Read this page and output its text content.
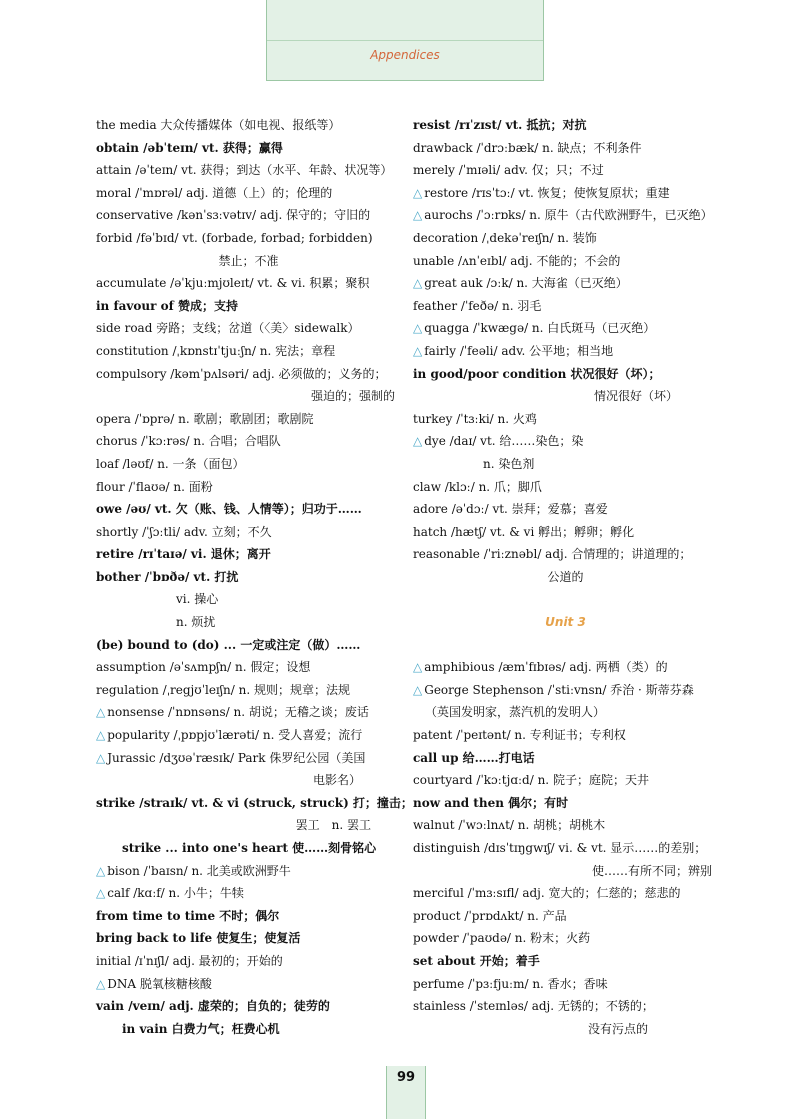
Appendices
the media 大众传播媒体（如电视、报纸等）
obtain /əbˈteɪn/ vt. 获得；赢得
attain /əˈteɪn/ vt. 获得；到达（水平、年龄、状况等）
moral /ˈmɒrəl/ adj. 道德（上）的；伦理的
conservative /kənˈsɜːvətɪv/ adj. 保守的；守旧的
forbid /fəˈbɪd/ vt. (forbade, forbad; forbidden)
禁止；不准
accumulate /əˈkjuːmjʊleɪt/ vt. & vi. 积累；聚积
in favour of 赞成；支持
side road 旁路；支线；岔道（〈美〉sidewalk）
constitution /ˌkɒnstɪˈtjuːʃn/ n. 宪法；章程
compulsory /kəmˈpʌlsəri/ adj. 必须做的；义务的；
强迫的；强制的
opera /ˈɒprə/ n. 歌剧；歌剧团；歌剧院
chorus /ˈkɔːrəs/ n. 合唱；合唱队
loaf /ləʊf/ n. 一条（面包）
flour /ˈflaʊə/ n. 面粉
owe /əʊ/ vt. 欠（账、钱、人情等）；归功于……
shortly /ˈʃɔːtli/ adv. 立刻；不久
retire /rɪˈtaɪə/ vi. 退休；离开
bother /ˈbɒðə/ vt. 打扰
vi. 操心
n. 烦扰
(be) bound to (do) ... 一定或注定（做）……
assumption /əˈsʌmpʃn/ n. 假定；设想
regulation /ˌregjʊˈleɪʃn/ n. 规则；规章；法规
△ nonsense /ˈnɒnsəns/ n. 胡说；无稽之谈；废话
△ popularity /ˌpɒpjʊˈlærəti/ n. 受人喜爱；流行
△ Jurassic /dʒʊəˈræsɪk/ Park 侏罗纪公园（美国
电影名）
strike /straɪk/ vt. & vi (struck, struck) 打；撞击；
罢工　n. 罢工
strike ... into one's heart 使……刻骨铭心
△ bison /ˈbaɪsn/ n. 北美或欧洲野牛
△ calf /kɑːf/ n. 小牛；牛犊
from time to time 不时；偶尔
bring back to life 使复生；使复活
initial /ɪˈnɪʃl/ adj. 最初的；开始的
△ DNA 脱氧核糖核酸
vain /veɪn/ adj. 虚荣的；自负的；徒劳的
in vain 白费力气；枉费心机
resist /rɪˈzɪst/ vt. 抵抗；对抗
drawback /ˈdrɔːbæk/ n. 缺点；不利条件
merely /ˈmɪəli/ adv. 仅；只；不过
△ restore /rɪsˈtɔː/ vt. 恢复；使恢复原状；重建
△ aurochs /ˈɔːrɒks/ n. 原牛（古代欧洲野牛，已灭绝）
decoration /ˌdekəˈreɪʃn/ n. 装饰
unable /ʌnˈeɪbl/ adj. 不能的；不会的
△ great auk /ɔːk/ n. 大海雀（已灭绝）
feather /ˈfeðə/ n. 羽毛
△ quagga /ˈkwægə/ n. 白氏斑马（已灭绝）
△ fairly /ˈfeəli/ adv. 公平地；相当地
in good/poor condition 状况很好（坏）；
情况很好（坏）
turkey /ˈtɜːki/ n. 火鸡
△ dye /daɪ/ vt. 给……染色；染
n. 染色剂
claw /klɔː/ n. 爪；脚爪
adore /əˈdɔː/ vt. 崇拜；爱慕；喜爱
hatch /hætʃ/ vt. & vi 孵出；孵卵；孵化
reasonable /ˈriːznəbl/ adj. 合情理的；讲道理的；
公道的
Unit 3
△ amphibious /æmˈfɪbɪəs/ adj. 两栖（类）的
△ George Stephenson /ˈstiːvnsn/ 乔治 · 斯蒂芬森
（英国发明家，蒸汽机的发明人）
patent /ˈpeɪtənt/ n. 专利证书；专利权
call up 给……打电话
courtyard /ˈkɔːtjɑːd/ n. 院子；庭院；天井
now and then 偶尔；有时
walnut /ˈwɔːlnʌt/ n. 胡桃；胡桃木
distinguish /dɪsˈtɪŋgwɪʃ/ vi. & vt. 显示……的差别；
使……有所不同；辨别
merciful /ˈmɜːsɪfl/ adj. 宽大的；仁慈的；慈悲的
product /ˈprɒdʌkt/ n. 产品
powder /ˈpaʊdə/ n. 粉末；火药
set about 开始；着手
perfume /ˈpɜːfjuːm/ n. 香水；香味
stainless /ˈsteɪnləs/ adj. 无锈的；不锈的；
没有污点的
99
